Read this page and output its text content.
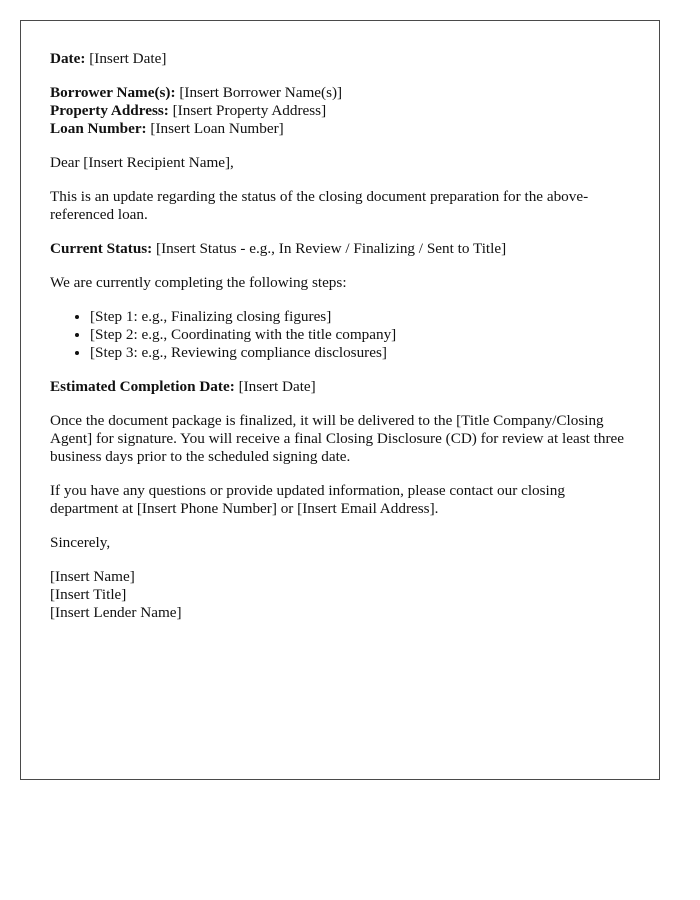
Date: [Insert Date]

Borrower Name(s): [Insert Borrower Name(s)]
Property Address: [Insert Property Address]
Loan Number: [Insert Loan Number]

Dear [Insert Recipient Name],

This is an update regarding the status of the closing document preparation for the above-referenced loan.

Current Status: [Insert Status - e.g., In Review / Finalizing / Sent to Title]

We are currently completing the following steps:

• [Step 1: e.g., Finalizing closing figures]
• [Step 2: e.g., Coordinating with the title company]
• [Step 3: e.g., Reviewing compliance disclosures]

Estimated Completion Date: [Insert Date]

Once the document package is finalized, it will be delivered to the [Title Company/Closing Agent] for signature. You will receive a final Closing Disclosure (CD) for review at least three business days prior to the scheduled signing date.

If you have any questions or provide updated information, please contact our closing department at [Insert Phone Number] or [Insert Email Address].

Sincerely,

[Insert Name]
[Insert Title]
[Insert Lender Name]
